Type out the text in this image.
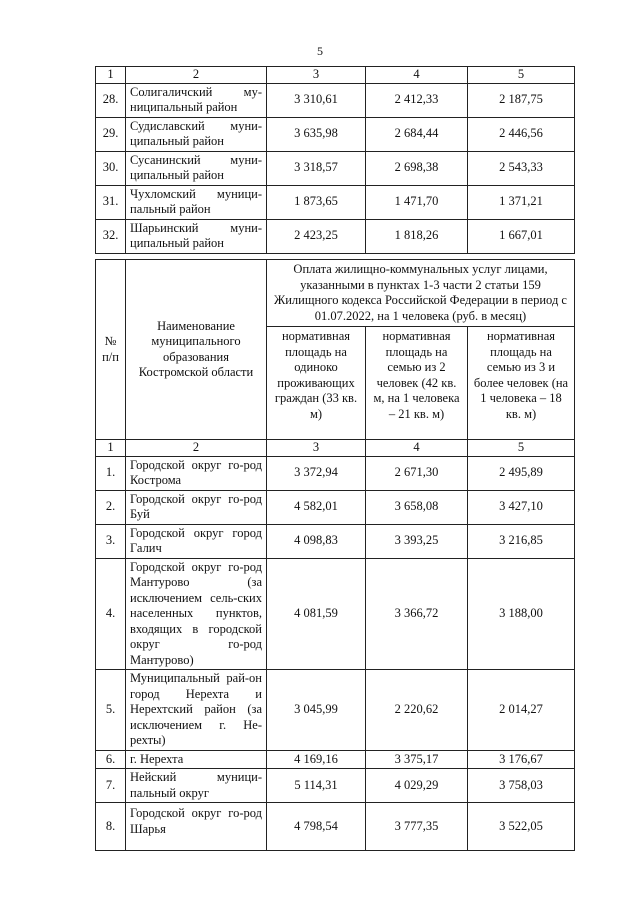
5
1	2	3	4	5
28.	Солигаличский му-ниципальный район	3 310,61	2 412,33	2 187,75
29.	Судиславский муни-ципальный район	3 635,98	2 684,44	2 446,56
30.	Сусанинский муни-ципальный район	3 318,57	2 698,38	2 543,33
31.	Чухломский муници-пальный район	1 873,65	1 471,70	1 371,21
32.	Шарьинский муни-ципальный район	2 423,25	1 818,26	1 667,01
№ п/п	Наименование муниципального образования Костромской области	Оплата жилищно-коммунальных услуг лицами, указанными в пунктах 1-3 части 2 статьи 159 Жилищного кодекса Российской Федерации в период с 01.07.2022, на 1 человека (руб. в месяц)		
		нормативная площадь на одиноко проживающих граждан (33 кв. м)	нормативная площадь на семью из 2 человек (42 кв. м, на 1 человека – 21 кв. м)	нормативная площадь на семью из 3 и более человек (на 1 человека – 18 кв. м)
1	2	3	4	5
1.	Городской округ го-род Кострома	3 372,94	2 671,30	2 495,89
2.	Городской округ го-род Буй	4 582,01	3 658,08	3 427,10
3.	Городской округ город Галич	4 098,83	3 393,25	3 216,85
4.	Городской округ го-род Мантурово (за исключением сель-ских населенных пунктов, входящих в городской округ го-род Мантурово)	4 081,59	3 366,72	3 188,00
5.	Муниципальный рай-он город Нерехта и Нерехтский район (за исключением г. Не-рехты)	3 045,99	2 220,62	2 014,27
6.	г. Нерехта	4 169,16	3 375,17	3 176,67
7.	Нейский муници-пальный округ	5 114,31	4 029,29	3 758,03
8.	Городской округ го-род Шарья	4 798,54	3 777,35	3 522,05
